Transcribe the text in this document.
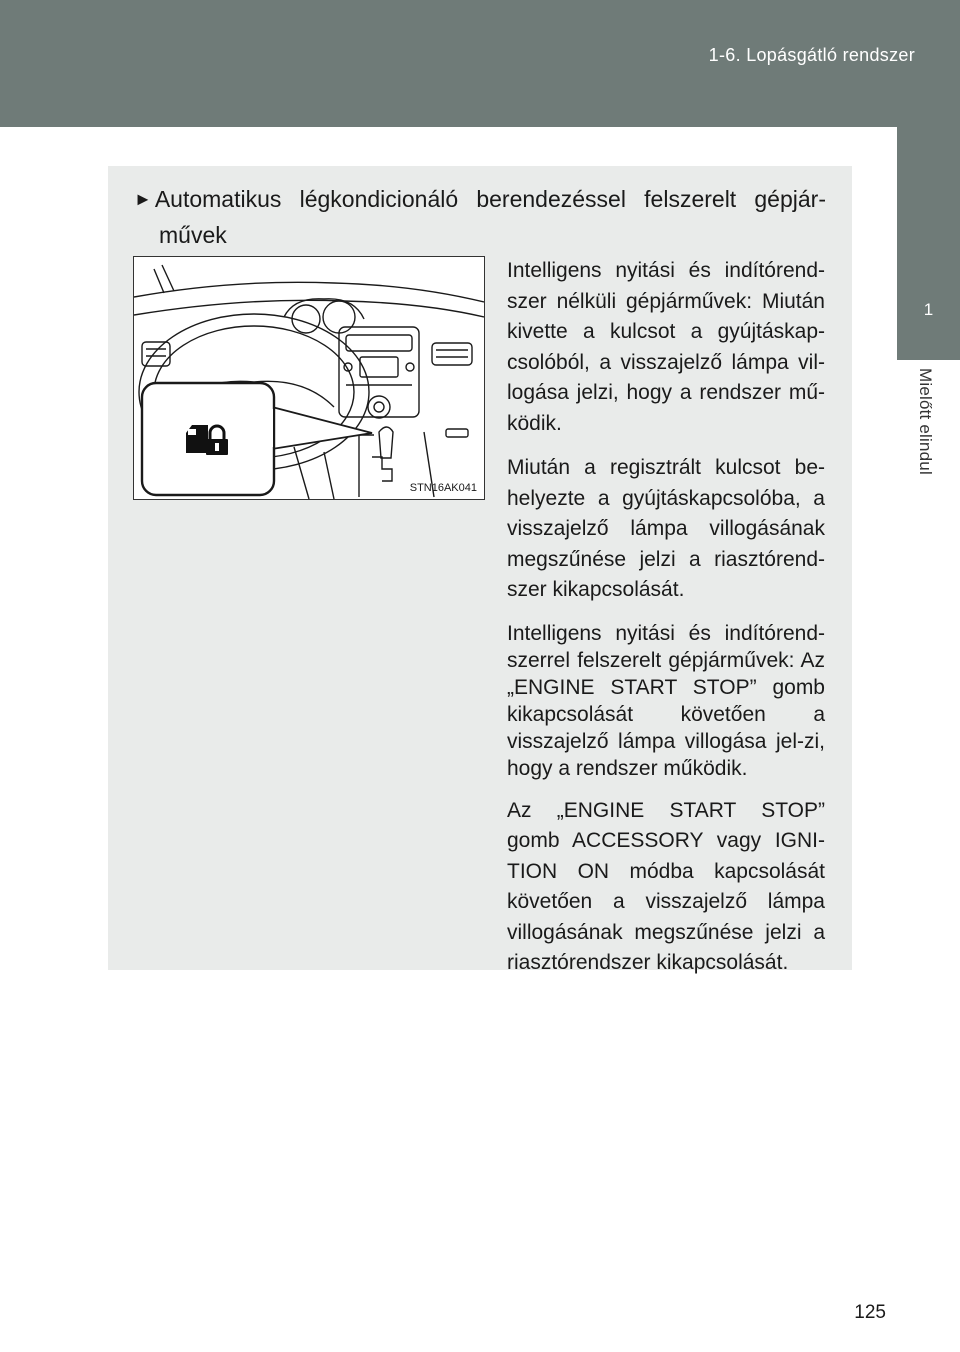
1-6. Lopásgátló rendszer
1
Mielőtt elindul
► Automatikus légkondicionáló berendezéssel felszerelt gépjár-
művek
STN16AK041

Intelligens nyitási és indítórend-szer nélküli gépjárművek: Miután kivette a kulcsot a gyújtáskap-csolóból, a visszajelző lámpa vil-logása jelzi, hogy a rendszer mű-ködik.

Miután a regisztrált kulcsot be-helyezte a gyújtáskapcsolóba, a visszajelző lámpa villogásának megszűnése jelzi a riasztórend-szer kikapcsolását.

Intelligens nyitási és indítórend-szerrel felszerelt gépjárművek: Az „ENGINE START STOP” gomb kikapcsolását követően a visszajelző lámpa villogása jel-zi, hogy a rendszer működik.

Az „ENGINE START STOP” gomb ACCESSORY vagy IGNI-TION ON módba kapcsolását követően a visszajelző lámpa villogásának megszűnése jelzi a riasztórendszer kikapcsolását.

125
